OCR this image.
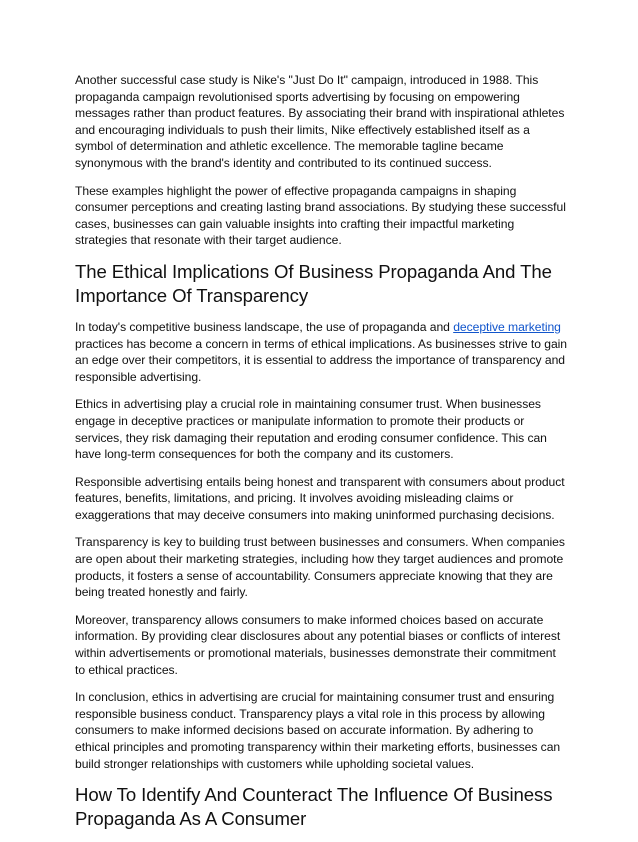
Another successful case study is Nike's "Just Do It" campaign, introduced in 1988. This propaganda campaign revolutionised sports advertising by focusing on empowering messages rather than product features. By associating their brand with inspirational athletes and encouraging individuals to push their limits, Nike effectively established itself as a symbol of determination and athletic excellence. The memorable tagline became synonymous with the brand's identity and contributed to its continued success.

These examples highlight the power of effective propaganda campaigns in shaping consumer perceptions and creating lasting brand associations. By studying these successful cases, businesses can gain valuable insights into crafting their impactful marketing strategies that resonate with their target audience.

The Ethical Implications Of Business Propaganda And The Importance Of Transparency

In today's competitive business landscape, the use of propaganda and deceptive marketing practices has become a concern in terms of ethical implications. As businesses strive to gain an edge over their competitors, it is essential to address the importance of transparency and responsible advertising.

Ethics in advertising play a crucial role in maintaining consumer trust. When businesses engage in deceptive practices or manipulate information to promote their products or services, they risk damaging their reputation and eroding consumer confidence. This can have long-term consequences for both the company and its customers.

Responsible advertising entails being honest and transparent with consumers about product features, benefits, limitations, and pricing. It involves avoiding misleading claims or exaggerations that may deceive consumers into making uninformed purchasing decisions.

Transparency is key to building trust between businesses and consumers. When companies are open about their marketing strategies, including how they target audiences and promote products, it fosters a sense of accountability. Consumers appreciate knowing that they are being treated honestly and fairly.

Moreover, transparency allows consumers to make informed choices based on accurate information. By providing clear disclosures about any potential biases or conflicts of interest within advertisements or promotional materials, businesses demonstrate their commitment to ethical practices.

In conclusion, ethics in advertising are crucial for maintaining consumer trust and ensuring responsible business conduct. Transparency plays a vital role in this process by allowing consumers to make informed decisions based on accurate information. By adhering to ethical principles and promoting transparency within their marketing efforts, businesses can build stronger relationships with customers while upholding societal values.

How To Identify And Counteract The Influence Of Business Propaganda As A Consumer
